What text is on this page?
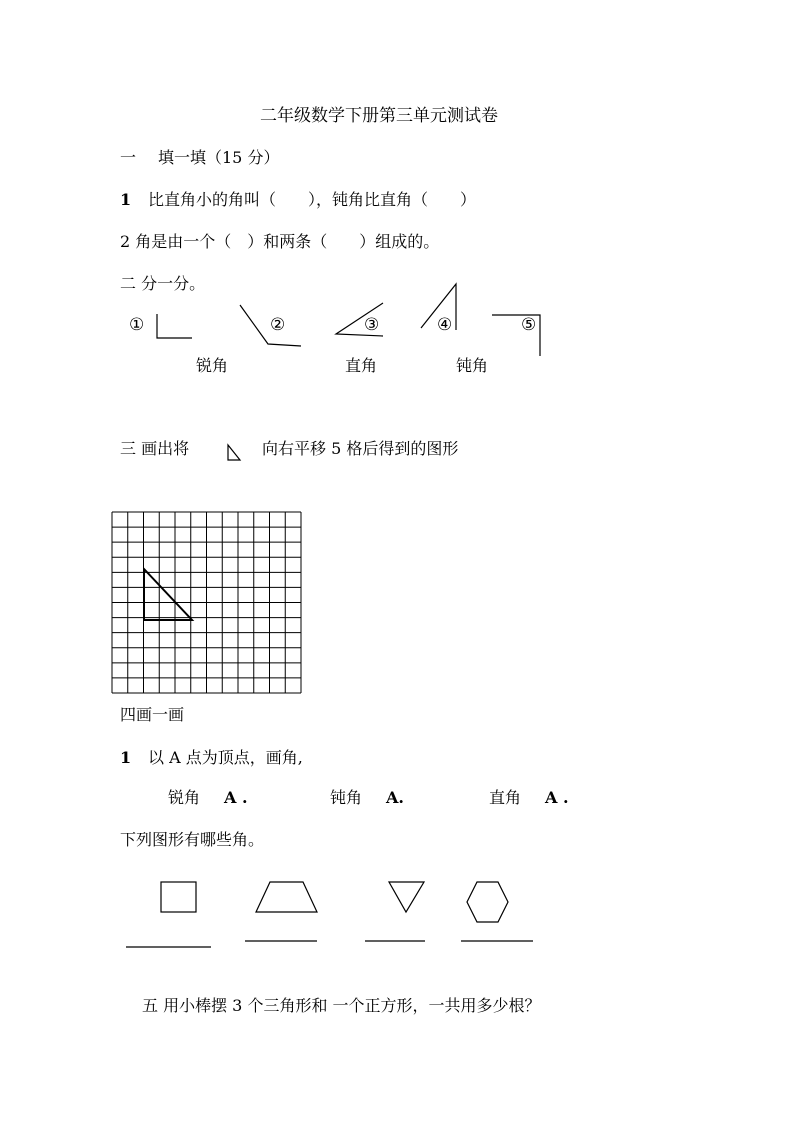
二年级数学下册第三单元测试卷
一 填一填（15 分）
1 比直角小的角叫（　　），钝角比直角（　　）
2 角是由一个（　）和两条（　　）组成的。
二 分一分。
①	②	③	④	⑤
锐角	直角	钝角
三 画出将	向右平移 5 格后得到的图形
四画一画
1 以 A 点为顶点，画角,
锐角 A .	钝角 A.	直角 A .
下列图形有哪些角。
五 用小棒摆 3 个三角形和 一个正方形，一共用多少根？
